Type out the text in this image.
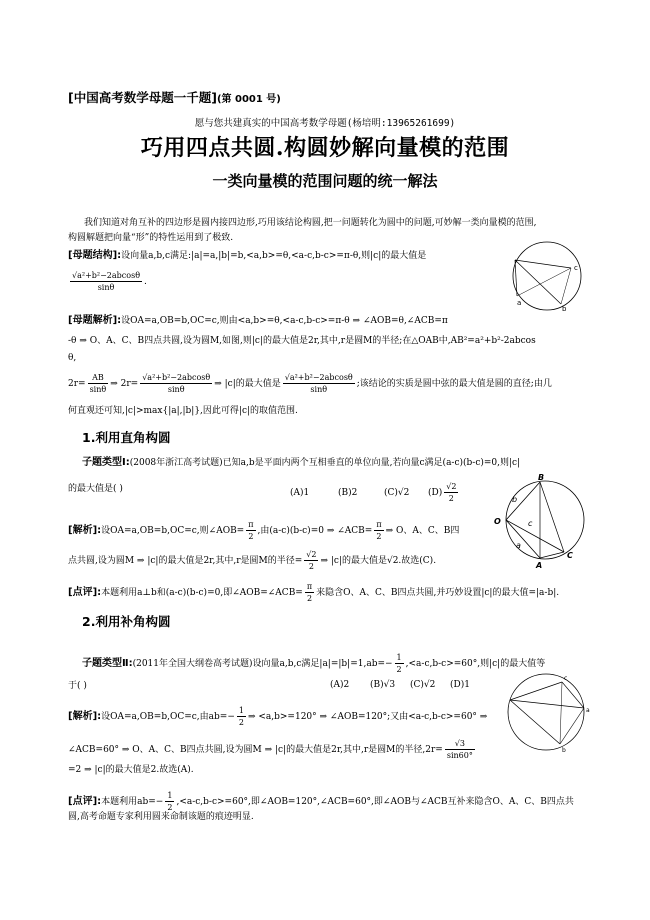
[中国高考数学母题一千题](第 0001 号)
愿与您共建真实的中国高考数学母题(杨培明:13965261699)
巧用四点共圆.构圆妙解向量模的范围
一类向量模的范围问题的统一解法
我们知道对角互补的四边形是圆内接四边形,巧用该结论构圆,把一问题转化为圆中的问题,可妙解一类向量模的范围,
构圆解题把向量“形”的特性运用到了极致.
[母题结构]:设向量a,b,c满足:|a|=a,|b|=b,<a,b>=θ,<a-c,b-c>=π-θ,则|c|的最大值是
$\frac{\text{√a²+b²−2abcosθ}}{\sin\theta}$ .
c
b
a
[母题解析]:设OA=a,OB=b,OC=c,则由<a,b>=θ,<a-c,b-c>=π-θ ⇒ ∠AOB=θ,∠ACB=π
-θ ⇒ O、A、C、B四点共圆,设为圆M,如图,则|c|的最大值是2r,其中,r是圆M的半径;在△OAB中,AB²=a²+b²-2abcos
θ,
$2r= \frac{AB}{\sin\theta}$ ⇒ $2r= \frac{\text{√a²+b²−2abcosθ}}{\sin\theta}$ ⇒ |c|的最大值是 $\frac{\text{√a²+b²−2abcosθ}}{\sin\theta}$ ;该结论的实质是圆中弦的最大值是圆的直径;由几
何直观还可知,|c|>max{|a|,|b|},因此可得|c|的取值范围.
1.利用直角构圆
子题类型Ⅰ:(2008年浙江高考试题)已知a,b是平面内两个互相垂直的单位向量,若向量c满足(a-c)(b-c)=0,则|c|
的最大值是( )	(A)1	(B)2	(C)√2 $(D) \frac{√2}{2}$
B
O
A
C
a
b
c
[解析]:设OA=a,OB=b,OC=c,则∠AOB= $\frac{\pi}{2}$ ,由(a-c)(b-c)=0 ⇒ ∠ACB= $\frac{\pi}{2}$ ⇒ O、A、C、B四
点共圆,设为圆M ⇒ |c|的最大值是2r,其中,r是圆M的半径= $\frac{√2}{2}$ ⇒ |c|的最大值是√2.故选(C).
[点评]:本题利用a⊥b和(a-c)(b-c)=0,即∠AOB=∠ACB= $\frac{\pi}{2}$ 来隐含O、A、C、B四点共圆,并巧妙设置|c|的最大值=|a-b|.
2.利用补角构圆
子题类型Ⅱ:(2011年全国大纲卷高考试题)设向量a,b,c满足$|a|=|b|=1,ab=- \frac{1}{2} ,<a-c,b-c>=60^\circ$,则|c|的最大值等
于( )	(A)2 (B)√3 (C)√2 (D)1
c
a
b
[解析]:设OA=a,OB=b,OC=c,由$ab=- \frac{1}{2}$ ⇒ <a,b>=120° ⇒ ∠AOB=120°;又由<a-c,b-c>=60° ⇒
∠ACB=60° ⇒ O、A、C、B四点共圆,设为圆M ⇒ |c|的最大值是2r,其中,r是圆M的半径$,2r= \frac{√3}{\sin 60^\circ}$
=2 ⇒ |c|的最大值是2.故选(A).
[点评]:本题利用$ab=- \frac{1}{2} ,<a-c,b-c>=60^\circ$,即∠AOB=120°,∠ACB=60°,即∠AOB与∠ACB互补来隐含O、A、C、B四点共
圆,高考命题专家利用圆来命制该题的痕迹明显.
